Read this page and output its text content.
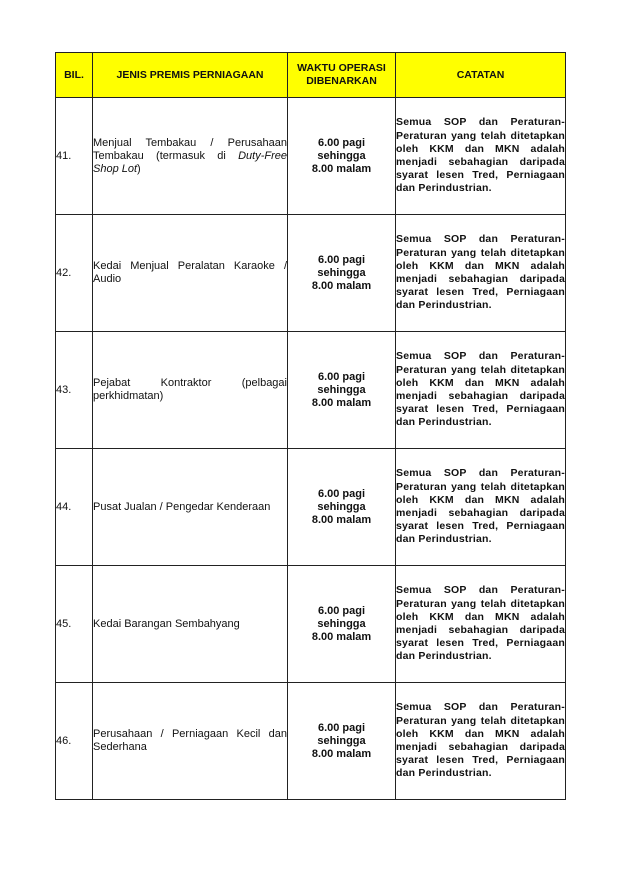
BIL.	JENIS PREMIS PERNIAGAAN	WAKTU OPERASI
DIBENARKAN	CATATAN
41.	Menjual Tembakau / Perusahaan Tembakau (termasuk di Duty-Free Shop Lot)	6.00 pagi
sehingga
8.00 malam	Semua SOP dan Peraturan-Peraturan yang telah ditetapkan oleh KKM dan MKN adalah menjadi sebahagian daripada syarat lesen Tred, Perniagaan dan Perindustrian.
42.	Kedai Menjual Peralatan Karaoke / Audio	6.00 pagi
sehingga
8.00 malam	Semua SOP dan Peraturan-Peraturan yang telah ditetapkan oleh KKM dan MKN adalah menjadi sebahagian daripada syarat lesen Tred, Perniagaan dan Perindustrian.
43.	Pejabat Kontraktor (pelbagai perkhidmatan)	6.00 pagi
sehingga
8.00 malam	Semua SOP dan Peraturan-Peraturan yang telah ditetapkan oleh KKM dan MKN adalah menjadi sebahagian daripada syarat lesen Tred, Perniagaan dan Perindustrian.
44.	Pusat Jualan / Pengedar Kenderaan	6.00 pagi
sehingga
8.00 malam	Semua SOP dan Peraturan-Peraturan yang telah ditetapkan oleh KKM dan MKN adalah menjadi sebahagian daripada syarat lesen Tred, Perniagaan dan Perindustrian.
45.	Kedai Barangan Sembahyang	6.00 pagi
sehingga
8.00 malam	Semua SOP dan Peraturan-Peraturan yang telah ditetapkan oleh KKM dan MKN adalah menjadi sebahagian daripada syarat lesen Tred, Perniagaan dan Perindustrian.
46.	Perusahaan / Perniagaan Kecil dan Sederhana	6.00 pagi
sehingga
8.00 malam	Semua SOP dan Peraturan-Peraturan yang telah ditetapkan oleh KKM dan MKN adalah menjadi sebahagian daripada syarat lesen Tred, Perniagaan dan Perindustrian.
